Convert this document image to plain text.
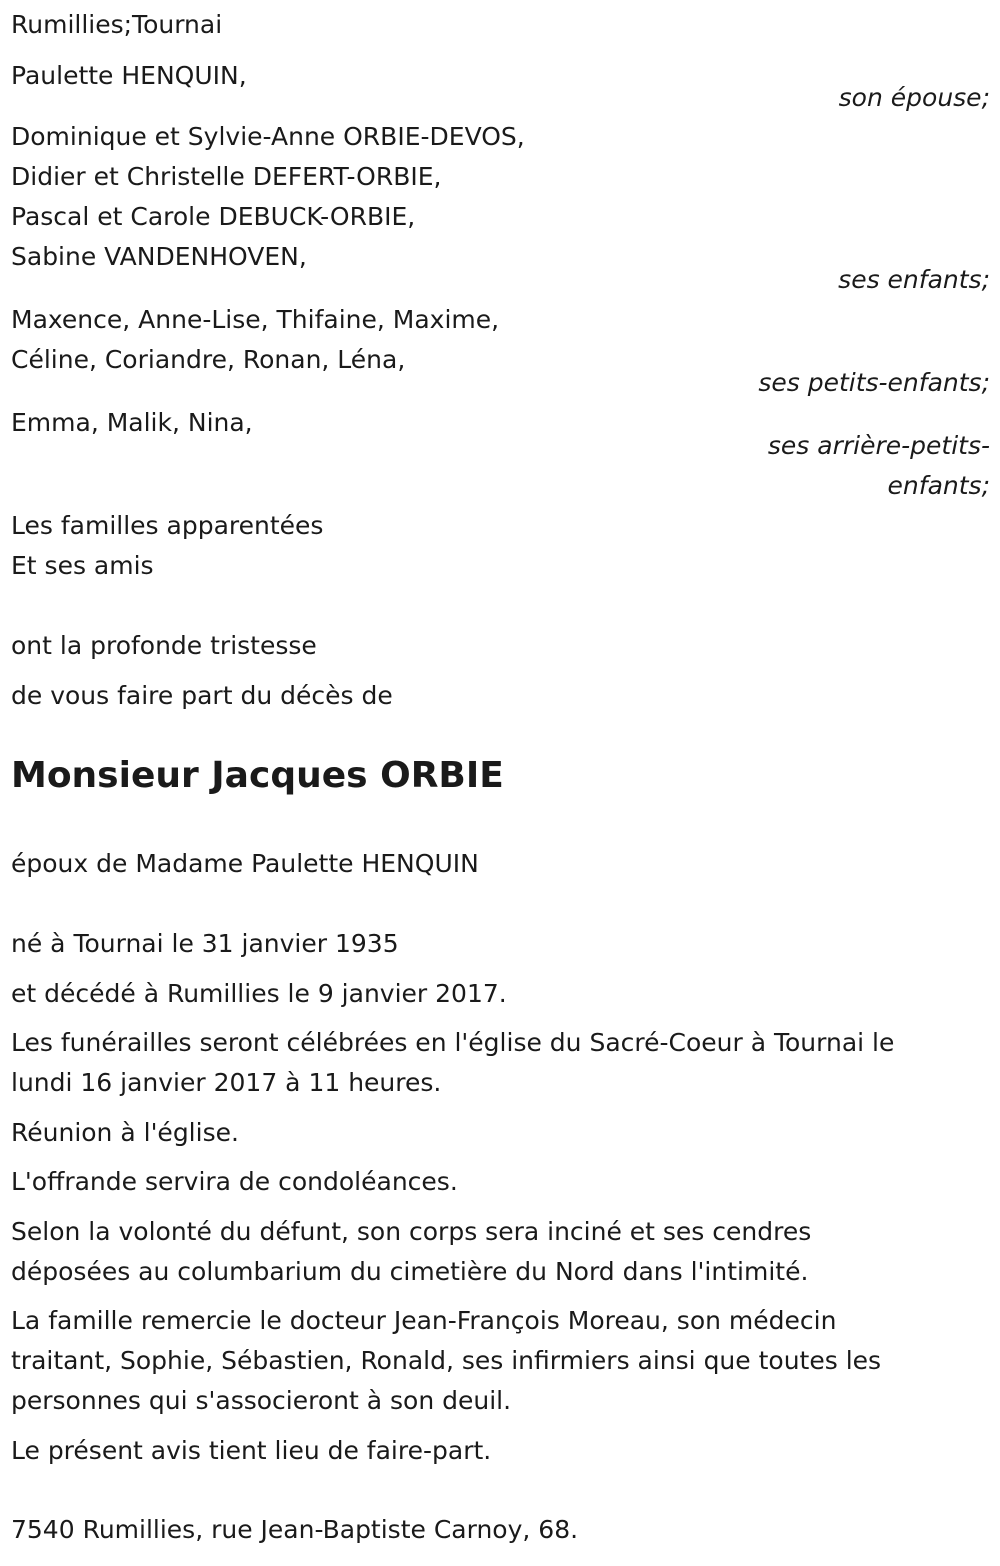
Rumillies;Tournai
Paulette HENQUIN,
son épouse;
Dominique et Sylvie-Anne ORBIE-DEVOS,
Didier et Christelle DEFERT-ORBIE,
Pascal et Carole DEBUCK-ORBIE,
Sabine VANDENHOVEN,
ses enfants;
Maxence, Anne-Lise, Thifaine, Maxime,
Céline, Coriandre, Ronan, Léna,
ses petits-enfants;
Emma, Malik, Nina,
ses arrière-petits-
enfants;
Les familles apparentées
Et ses amis
ont la profonde tristesse
de vous faire part du décès de
Monsieur Jacques ORBIE
époux de Madame Paulette HENQUIN
né à Tournai le 31 janvier 1935
et décédé à Rumillies le 9 janvier 2017.
Les funérailles seront célébrées en l'église du Sacré-Coeur à Tournai le
lundi 16 janvier 2017 à 11 heures.
Réunion à l'église.
L'offrande servira de condoléances.
Selon la volonté du défunt, son corps sera inciné et ses cendres
déposées au columbarium du cimetière du Nord dans l'intimité.
La famille remercie le docteur Jean-François Moreau, son médecin
traitant, Sophie, Sébastien, Ronald, ses infirmiers ainsi que toutes les
personnes qui s'associeront à son deuil.
Le présent avis tient lieu de faire-part.
7540 Rumillies, rue Jean-Baptiste Carnoy, 68.
